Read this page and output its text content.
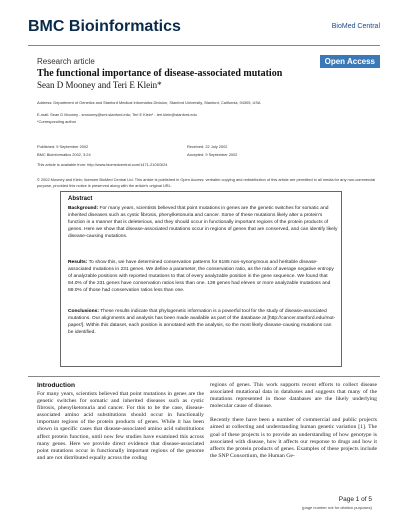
BMC Bioinformatics	BioMed Central
Research article	Open Access
The functional importance of disease-associated mutation
Sean D Mooney and Teri E Klein*
Address: Department of Genetics and Stanford Medical Informatics Division, Stanford University, Stanford, California, 94305, USA
E-mail: Sean D Mooney - smooney@smi.stanford.edu; Teri E Klein* - teri.klein@stanford.edu
*Corresponding author
Published: 9 September 2002
BMC Bioinformatics 2002, 3:24
Received: 22 July 2002
Accepted: 9 September 2002
This article is available from: http://www.biomedcentral.com/1471-2105/3/24
© 2002 Mooney and Klein; licensee BioMed Central Ltd. This article is published in Open Access: verbatim copying and redistribution of this article are permitted in all media for any non-commercial purpose, provided this notice is preserved along with the article's original URL.
Abstract
Background: For many years, scientists believed that point mutations in genes are the genetic switches for somatic and inherited diseases such as cystic fibrosis, phenylketonuria and cancer. Some of these mutations likely alter a protein's function in a manner that is deleterious, and they should occur in functionally important regions of the protein products of genes. Here we show that disease-associated mutations occur in regions of genes that are conserved, and can identify likely disease-causing mutations.
Results: To show this, we have determined conservation patterns for 6185 non-synonymous and heritable disease-associated mutations in 231 genes. We define a parameter, the conservation ratio, as the ratio of average negative entropy of analyzable positions with reported mutations to that of every analyzable position in the gene sequence. We found that 84.0% of the 231 genes have conservation ratios less than one. 139 genes had eleven or more analyzable mutations and 88.0% of those had conservation ratios less than one.
Conclusions: These results indicate that phylogenetic information is a powerful tool for the study of disease-associated mutations. Our alignments and analysis has been made available as part of the database at [http://cancer.stanford.edu/mut-paper/]. Within this dataset, each position is annotated with the analysis, so the most likely disease-causing mutations can be identified.
Introduction

For many years, scientists believed that point mutations in genes are the genetic switches for somatic and inherited diseases such as cystic fibrosis, phenylketonuria and cancer. For this to be the case, disease-associated amino acid substitutions should occur in functionally important regions of the protein products of genes. While it has been shown in specific cases that disease-associated amino acid substitutions affect protein function, until now few studies have examined this across many genes. Here we provide direct evidence that disease-associated point mutations occur in functionally important regions of the genome and are not distributed equally across the coding

regions of genes. This work supports recent efforts to collect disease associated mutational data in databases and suggests that many of the mutations represented in those databases are the likely underlying molecular cause of disease.

Recently there have been a number of commercial and public projects aimed at collecting and understanding human genetic variation [1]. The goal of these projects is to provide an understanding of how genotype is associated with disease, how it affects our response to drugs and how it affects the protein products of genes. Examples of these projects include the SNP Consortium, the Human Ge-

Page 1 of 5
(page number not for citation purposes)
